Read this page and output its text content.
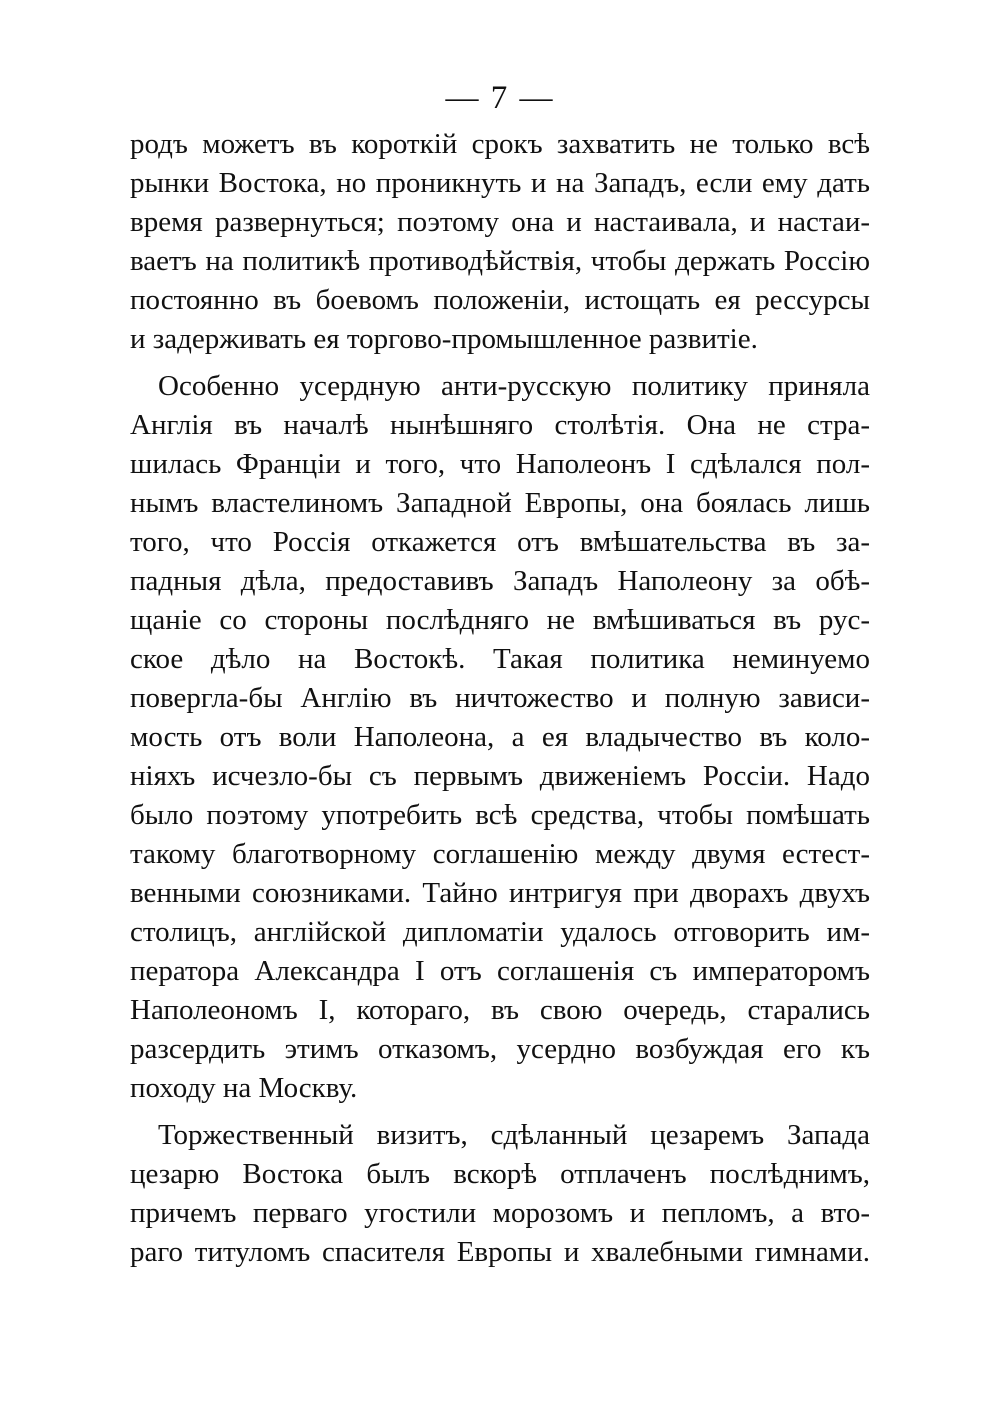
— 7 —
родъ можетъ въ короткій срокъ захватить не только всѣ
рынки Востока, но проникнуть и на Западъ, если ему дать
время развернуться; поэтому она и настаивала, и настаи-
ваетъ на политикѣ противодѣйствія, чтобы держать Россію
постоянно въ боевомъ положеніи, истощать ея рессурсы
и задерживать ея торгово-промышленное развитіе.
Особенно усердную анти-русскую политику приняла
Англія въ началѣ нынѣшняго столѣтія. Она не стра-
шилась Франціи и того, что Наполеонъ I сдѣлался пол-
нымъ властелиномъ Западной Европы, она боялась лишь
того, что Россія откажется отъ вмѣшательства въ за-
падныя дѣла, предоставивъ Западъ Наполеону за обѣ-
щаніе со стороны послѣдняго не вмѣшиваться въ рус-
ское дѣло на Востокѣ. Такая политика неминуемо
повергла-бы Англію въ ничтожество и полную зависи-
мость отъ воли Наполеона, а ея владычество въ коло-
ніяхъ исчезло-бы съ первымъ движеніемъ Россіи. Надо
было поэтому употребить всѣ средства, чтобы помѣшать
такому благотворному соглашенію между двумя естест-
венными союзниками. Тайно интригуя при дворахъ двухъ
столицъ, англійской дипломатіи удалось отговорить им-
ператора Александра I отъ соглашенія съ императоромъ
Наполеономъ I, котораго, въ свою очередь, старались
разсердить этимъ отказомъ, усердно возбуждая его къ
походу на Москву.
Торжественный визитъ, сдѣланный цезаремъ Запада
цезарю Востока былъ вскорѣ отплаченъ послѣднимъ,
причемъ перваго угостили морозомъ и пепломъ, а вто-
раго титуломъ спасителя Европы и хвалебными гимнами.
